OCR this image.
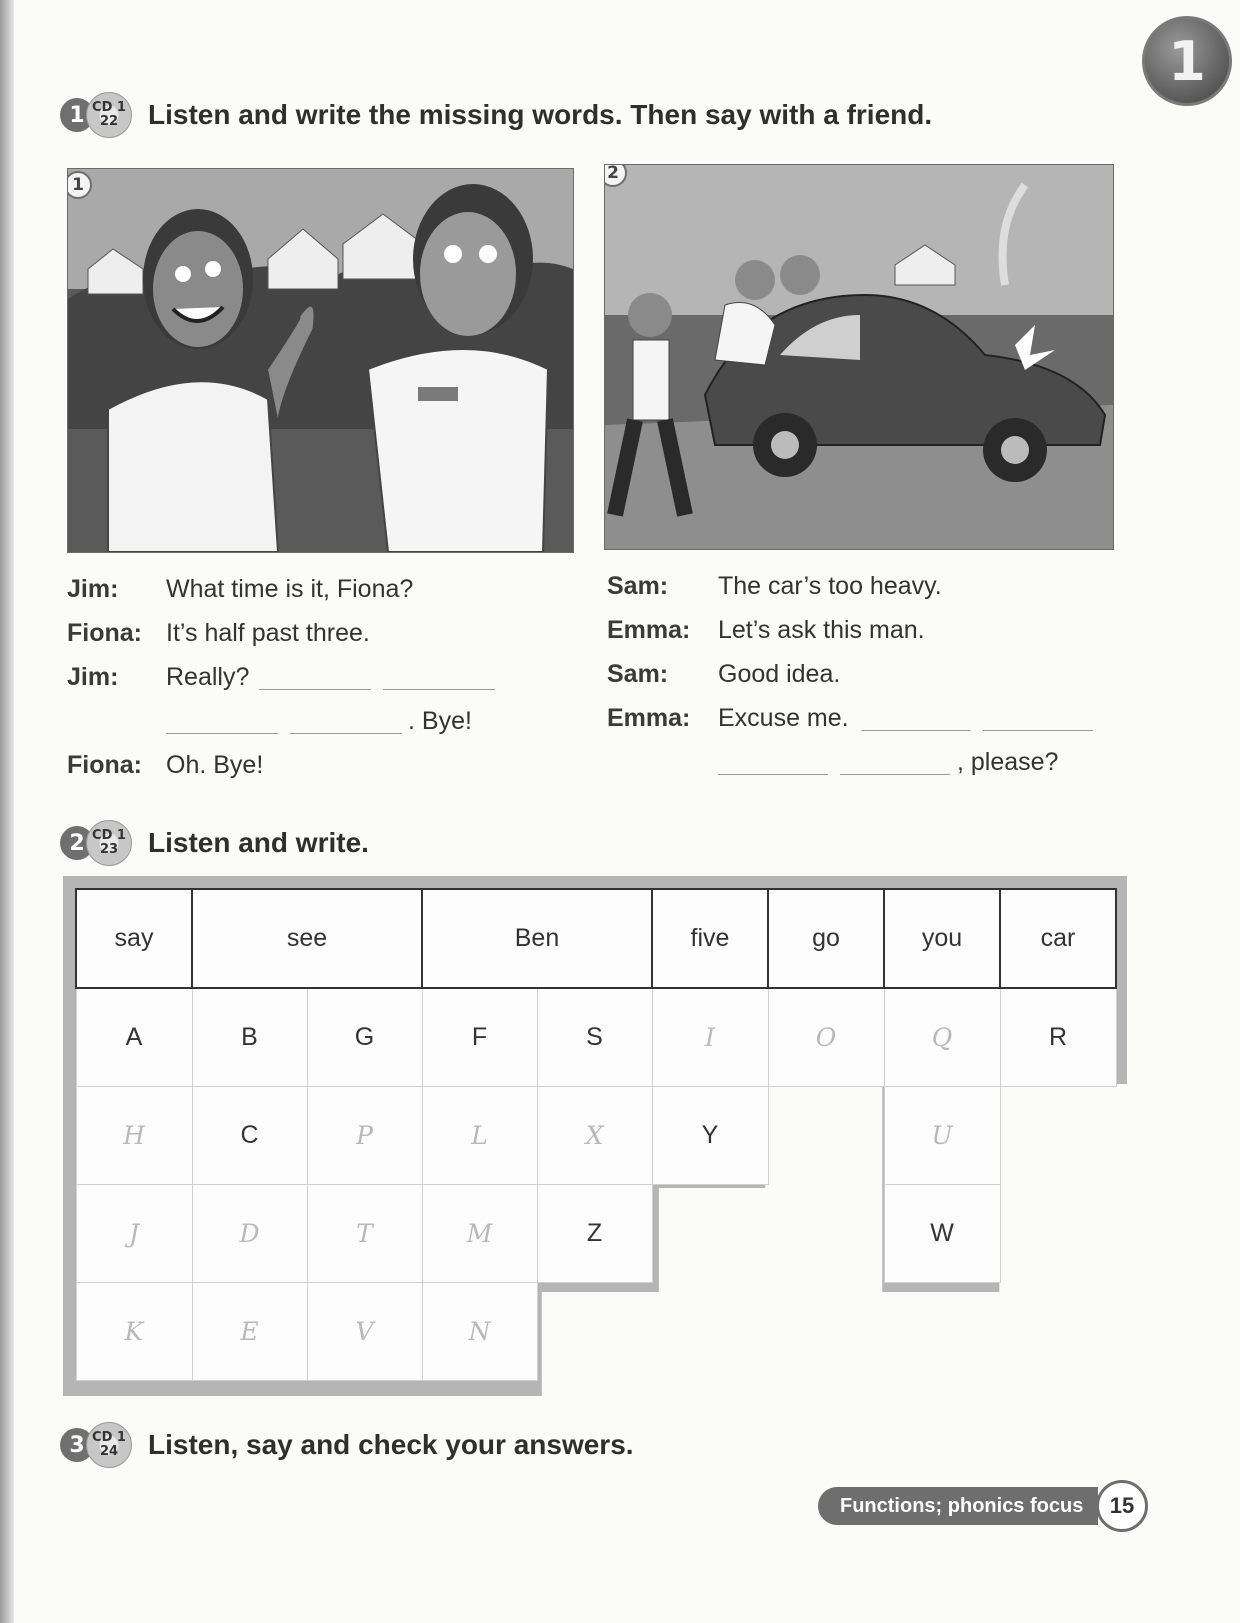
1
1 CD 1
22 Listen and write the missing words. Then say with a friend.
1
2
Jim: What time is it, Fiona?
Fiona: It’s half past three.
Jim: Really?
. Bye!
Fiona: Oh. Bye!
Sam: The car’s too heavy.
Emma: Let’s ask this man.
Sam: Good idea.
Emma: Excuse me.
, please?
2 CD 1
23 Listen and write.
say	see		Ben		five	go	you	car
A	B	G	F	S	I	O	Q	R
H	C	P	L	X	Y		U	
J	D	T	M	Z			W	
K	E	V	N					
3 CD 1
24 Listen, say and check your answers.
Functions; phonics focus 15
